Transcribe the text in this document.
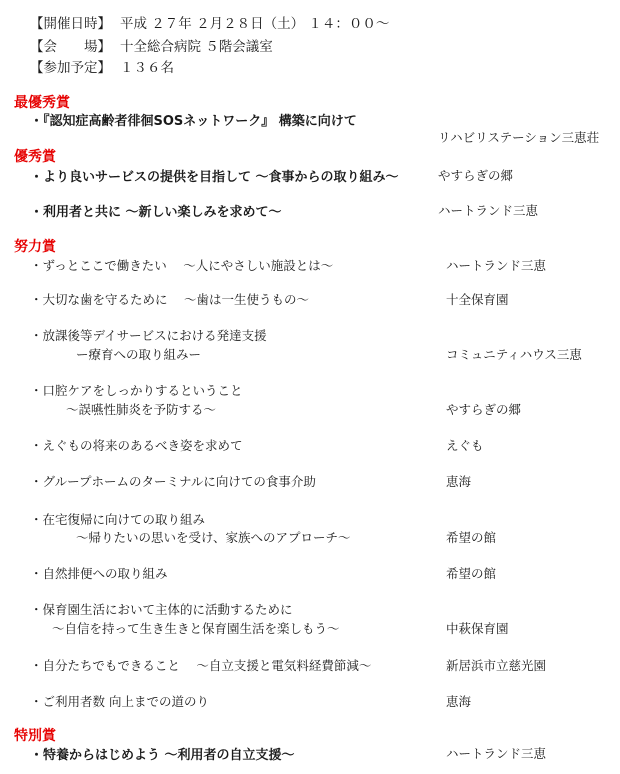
【開催日時】 平成 ２７年 ２月２８日（土） １４：００〜
【会　　場】 十全総合病院 ５階会議室
【参加予定】 １３６名
最優秀賞
・『認知症高齢者徘徊SOSネットワーク』 構築に向けて
リハビリステーション三恵荘
優秀賞
・より良いサービスの提供を目指して 〜食事からの取り組み〜	やすらぎの郷
・利用者と共に 〜新しい楽しみを求めて〜	ハートランド三恵
努力賞
・ずっとここで働きたい 　〜人にやさしい施設とは〜	ハートランド三恵
・大切な歯を守るために 　〜歯は一生使うもの〜	十全保育園
・放課後等デイサービスにおける発達支援
ー療育への取り組みー	コミュニティハウス三恵
・口腔ケアをしっかりするということ
〜誤嚥性肺炎を予防する〜	やすらぎの郷
・えぐもの将来のあるべき姿を求めて	えぐも
・グループホームのターミナルに向けての食事介助	恵海
・在宅復帰に向けての取り組み
〜帰りたいの思いを受け、家族へのアプローチ〜	希望の館
・自然排便への取り組み	希望の館
・保育園生活において主体的に活動するために
〜自信を持って生き生きと保育園生活を楽しもう〜	中萩保育園
・自分たちでもできること 　〜自立支援と電気料経費節減〜	新居浜市立慈光園
・ご利用者数 向上までの道のり	恵海
特別賞
・特養からはじめよう 〜利用者の自立支援〜	ハートランド三恵
